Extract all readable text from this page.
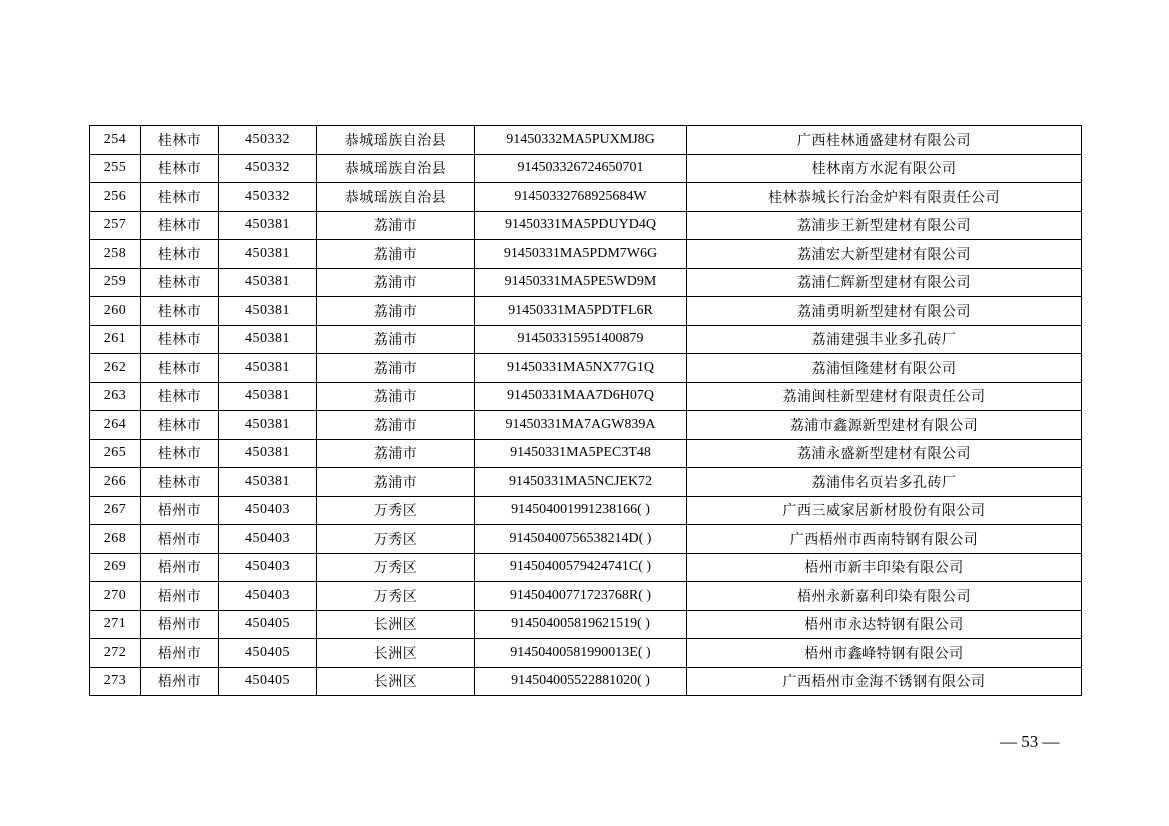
254	桂林市	450332	恭城瑶族自治县	91450332MA5PUXMJ8G	广西桂林通盛建材有限公司
255	桂林市	450332	恭城瑶族自治县	914503326724650701	桂林南方水泥有限公司
256	桂林市	450332	恭城瑶族自治县	91450332768925684W	桂林恭城长行冶金炉料有限责任公司
257	桂林市	450381	荔浦市	91450331MA5PDUYD4Q	荔浦步王新型建材有限公司
258	桂林市	450381	荔浦市	91450331MA5PDM7W6G	荔浦宏大新型建材有限公司
259	桂林市	450381	荔浦市	91450331MA5PE5WD9M	荔浦仁辉新型建材有限公司
260	桂林市	450381	荔浦市	91450331MA5PDTFL6R	荔浦勇明新型建材有限公司
261	桂林市	450381	荔浦市	914503315951400879	荔浦建强丰业多孔砖厂
262	桂林市	450381	荔浦市	91450331MA5NX77G1Q	荔浦恒隆建材有限公司
263	桂林市	450381	荔浦市	91450331MAA7D6H07Q	荔浦闽桂新型建材有限责任公司
264	桂林市	450381	荔浦市	91450331MA7AGW839A	荔浦市鑫源新型建材有限公司
265	桂林市	450381	荔浦市	91450331MA5PEC3T48	荔浦永盛新型建材有限公司
266	桂林市	450381	荔浦市	91450331MA5NCJEK72	荔浦伟名页岩多孔砖厂
267	梧州市	450403	万秀区	914504001991238166( )	广西三威家居新材股份有限公司
268	梧州市	450403	万秀区	91450400756538214D( )	广西梧州市西南特钢有限公司
269	梧州市	450403	万秀区	91450400579424741C( )	梧州市新丰印染有限公司
270	梧州市	450403	万秀区	91450400771723768R( )	梧州永新嘉利印染有限公司
271	梧州市	450405	长洲区	914504005819621519( )	梧州市永达特钢有限公司
272	梧州市	450405	长洲区	91450400581990013E( )	梧州市鑫峰特钢有限公司
273	梧州市	450405	长洲区	914504005522881020( )	广西梧州市金海不锈钢有限公司
— 53 —
